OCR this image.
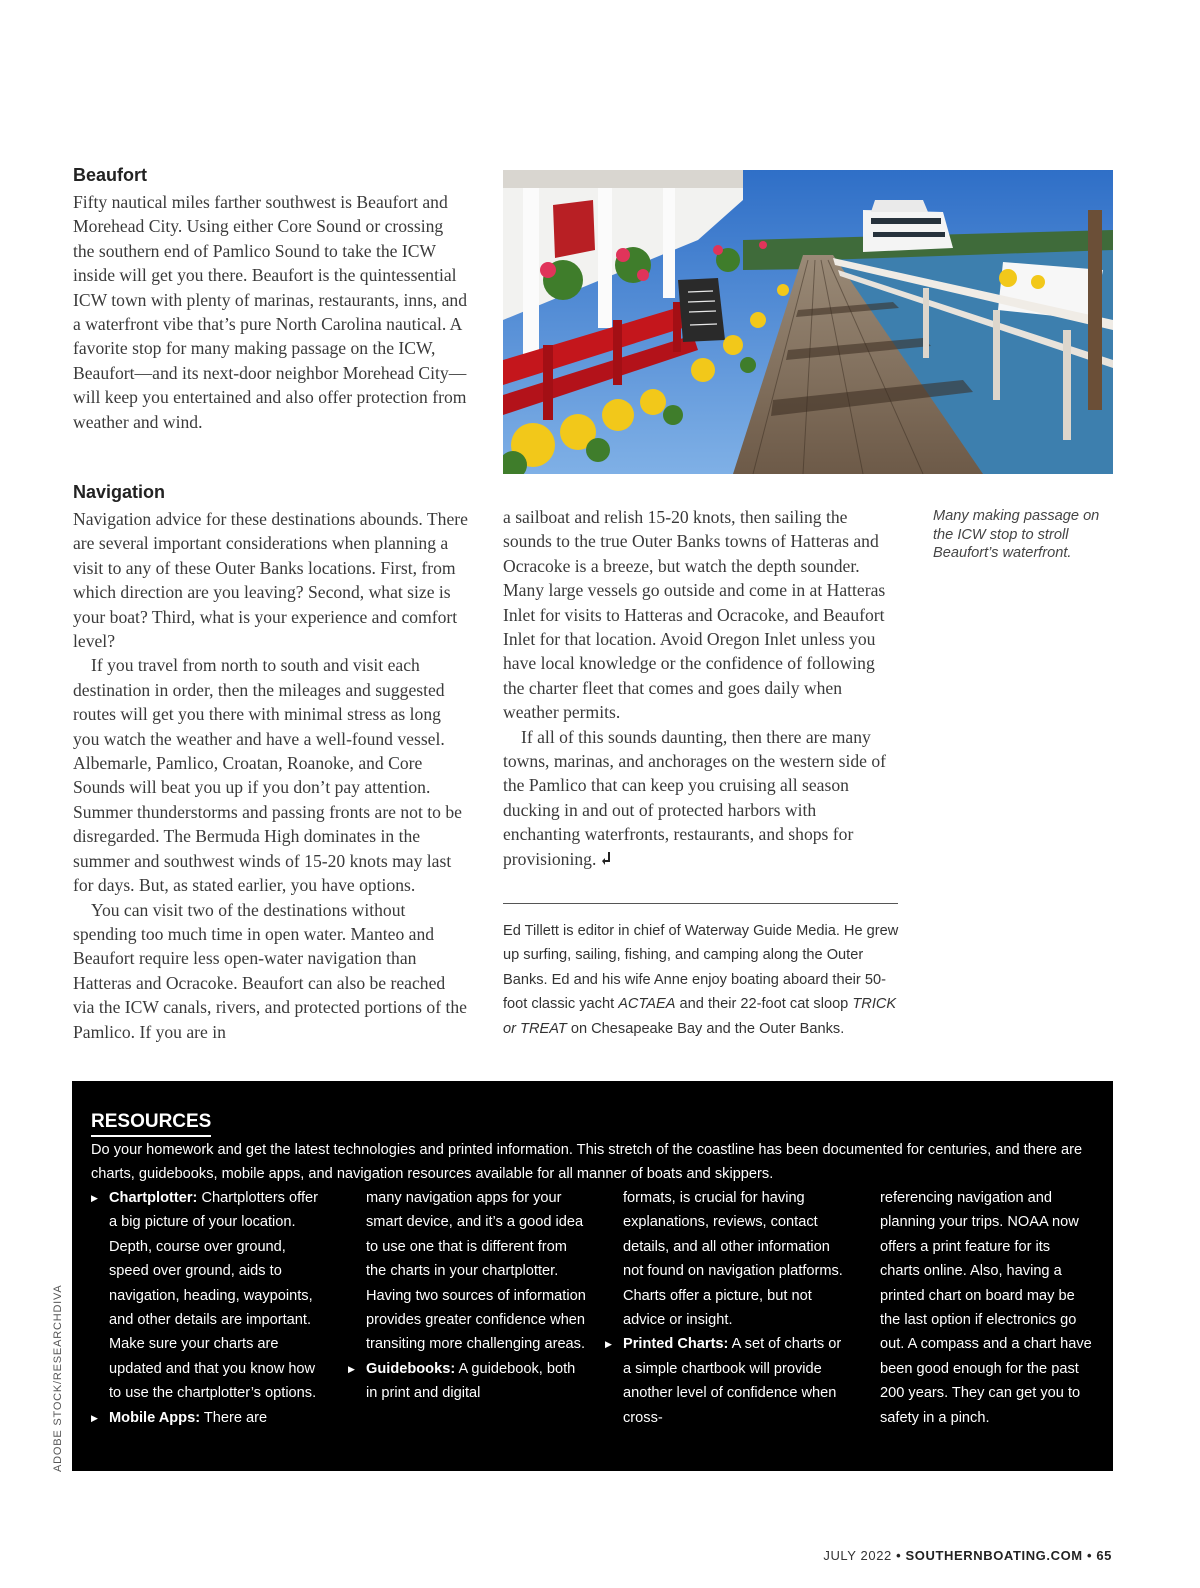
Beaufort

Fifty nautical miles farther southwest is Beaufort and Morehead City. Using either Core Sound or crossing the southern end of Pamlico Sound to take the ICW inside will get you there. Beaufort is the quintessential ICW town with plenty of marinas, restaurants, inns, and a waterfront vibe that’s pure North Carolina nautical. A favorite stop for many making passage on the ICW, Beaufort—and its next-door neighbor Morehead City—will keep you entertained and also offer protection from weather and wind.

Navigation

Navigation advice for these destinations abounds. There are several important considerations when planning a visit to any of these Outer Banks locations. First, from which direction are you leaving? Second, what size is your boat? Third, what is your experience and comfort level?

If you travel from north to south and visit each destination in order, then the mileages and suggested routes will get you there with minimal stress as long you watch the weather and have a well-found vessel. Albemarle, Pamlico, Croatan, Roanoke, and Core Sounds will beat you up if you don’t pay attention. Summer thunderstorms and passing fronts are not to be disregarded. The Bermuda High dominates in the summer and southwest winds of 15-20 knots may last for days. But, as stated earlier, you have options.

You can visit two of the destinations without spending too much time in open water. Manteo and Beaufort require less open-water navigation than Hatteras and Ocracoke. Beaufort can also be reached via the ICW canals, rivers, and protected portions of the Pamlico. If you are in

a sailboat and relish 15-20 knots, then sailing the sounds to the true Outer Banks towns of Hatteras and Ocracoke is a breeze, but watch the depth sounder. Many large vessels go outside and come in at Hatteras Inlet for visits to Hatteras and Ocracoke, and Beaufort Inlet for that location. Avoid Oregon Inlet unless you have local knowledge or the confidence of following the charter fleet that comes and goes daily when weather permits.

If all of this sounds daunting, then there are many towns, marinas, and anchorages on the western side of the Pamlico that can keep you cruising all season ducking in and out of protected harbors with enchanting waterfronts, restaurants, and shops for provisioning.

Ed Tillett is editor in chief of Waterway Guide Media. He grew up surfing, sailing, fishing, and camping along the Outer Banks. Ed and his wife Anne enjoy boating aboard their 50-foot classic yacht ACTAEA and their 22-foot cat sloop TRICK or TREAT on Chesapeake Bay and the Outer Banks.

Many making passage on the ICW stop to stroll Beaufort’s waterfront.

RESOURCES

Do your homework and get the latest technologies and printed information. This stretch of the coastline has been documented for centuries, and there are charts, guidebooks, mobile apps, and navigation resources available for all manner of boats and skippers.

▶ Chartplotter: Chartplotters offer a big picture of your location. Depth, course over ground, speed over ground, aids to navigation, heading, waypoints, and other details are important. Make sure your charts are updated and that you know how to use the chartplotter’s options.

▶ Mobile Apps: There are

many navigation apps for your smart device, and it’s a good idea to use one that is different from the charts in your chartplotter. Having two sources of information provides greater confidence when transiting more challenging areas.

▶ Guidebooks: A guidebook, both in print and digital

formats, is crucial for having explanations, reviews, contact details, and all other information not found on navigation platforms. Charts offer a picture, but not advice or insight.

▶ Printed Charts: A set of charts or a simple chartbook will provide another level of confidence when cross-

referencing navigation and planning your trips. NOAA now offers a print feature for its charts online. Also, having a printed chart on board may be the last option if electronics go out. A compass and a chart have been good enough for the past 200 years. They can get you to safety in a pinch.

ADOBE STOCK/RESEARCHDIVA
JULY 2022 • SOUTHERNBOATING.COM • 65
